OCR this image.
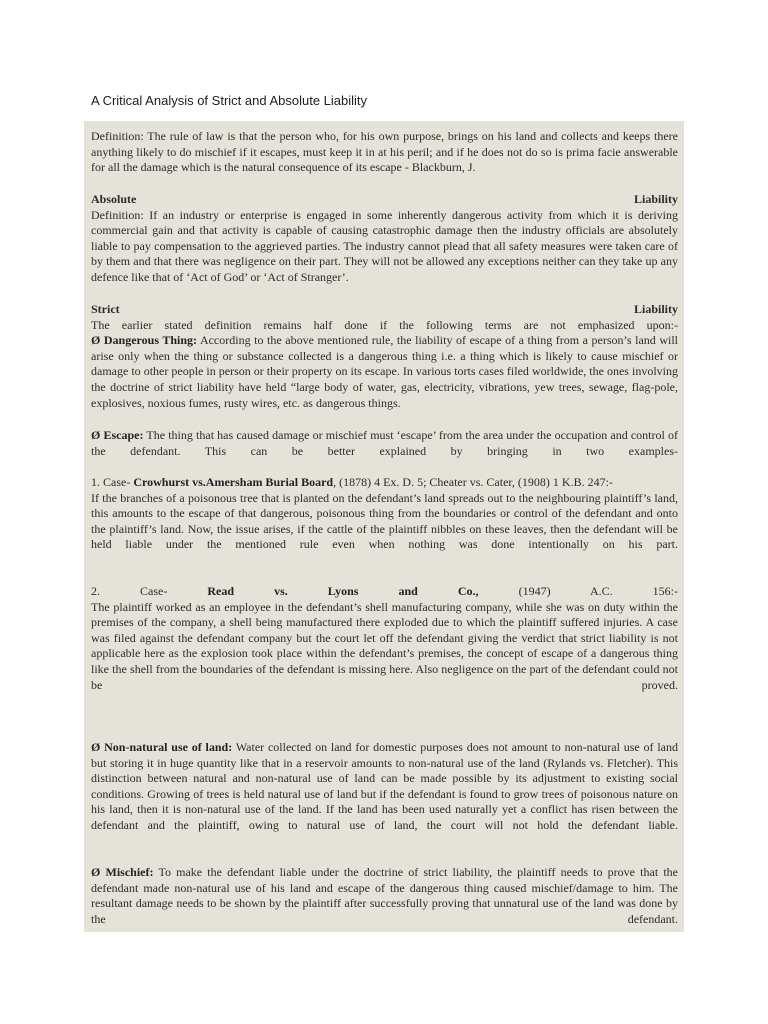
A Critical Analysis of Strict and Absolute Liability
Definition: The rule of law is that the person who, for his own purpose, brings on his land and collects and keeps there anything likely to do mischief if it escapes, must keep it in at his peril; and if he does not do so is prima facie answerable for all the damage which is the natural consequence of its escape - Blackburn, J.
Absolute	Liability

Definition: If an industry or enterprise is engaged in some inherently dangerous activity from which it is deriving commercial gain and that activity is capable of causing catastrophic damage then the industry officials are absolutely liable to pay compensation to the aggrieved parties. The industry cannot plead that all safety measures were taken care of by them and that there was negligence on their part. They will not be allowed any exceptions neither can they take up any defence like that of ‘Act of God’ or ‘Act of Stranger’.

Strict	Liability

The earlier stated definition remains half done if the following terms are not emphasized upon:-

Ø Dangerous Thing: According to the above mentioned rule, the liability of escape of a thing from a person’s land will arise only when the thing or substance collected is a dangerous thing i.e. a thing which is likely to cause mischief or damage to other people in person or their property on its escape. In various torts cases filed worldwide, the ones involving the doctrine of strict liability have held “large body of water, gas, electricity, vibrations, yew trees, sewage, flag-pole, explosives, noxious fumes, rusty wires, etc. as dangerous things.

Ø Escape: The thing that has caused damage or mischief must ‘escape’ from the area under the occupation and control of the defendant. This can be better explained by bringing in two examples-

1. Case- Crowhurst vs.Amersham Burial Board, (1878) 4 Ex. D. 5; Cheater vs. Cater, (1908) 1 K.B. 247:-

If the branches of a poisonous tree that is planted on the defendant’s land spreads out to the neighbouring plaintiff’s land, this amounts to the escape of that dangerous, poisonous thing from the boundaries or control of the defendant and onto the plaintiff’s land. Now, the issue arises, if the cattle of the plaintiff nibbles on these leaves, then the defendant will be held liable under the mentioned rule even when nothing was done intentionally on his part.

2. Case- Read vs. Lyons and Co., (1947) A.C. 156:-

The plaintiff worked as an employee in the defendant’s shell manufacturing company, while she was on duty within the premises of the company, a shell being manufactured there exploded due to which the plaintiff suffered injuries. A case was filed against the defendant company but the court let off the defendant giving the verdict that strict liability is not applicable here as the explosion took place within the defendant’s premises, the concept of escape of a dangerous thing like the shell from the boundaries of the defendant is missing here. Also negligence on the part of the defendant could not be proved.

Ø Non-natural use of land: Water collected on land for domestic purposes does not amount to non-natural use of land but storing it in huge quantity like that in a reservoir amounts to non-natural use of the land (Rylands vs. Fletcher). This distinction between natural and non-natural use of land can be made possible by its adjustment to existing social conditions. Growing of trees is held natural use of land but if the defendant is found to grow trees of poisonous nature on his land, then it is non-natural use of the land. If the land has been used naturally yet a conflict has risen between the defendant and the plaintiff, owing to natural use of land, the court will not hold the defendant liable.
Ø Mischief: To make the defendant liable under the doctrine of strict liability, the plaintiff needs to prove that the defendant made non-natural use of his land and escape of the dangerous thing caused mischief/damage to him. The resultant damage needs to be shown by the plaintiff after successfully proving that unnatural use of the land was done by the defendant.
